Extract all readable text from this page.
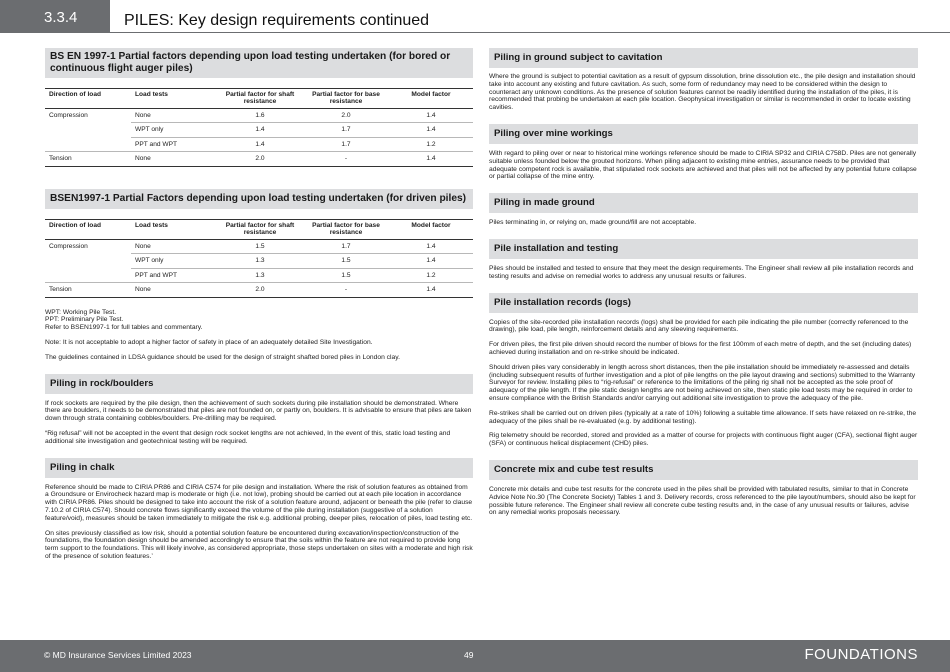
3.3.4	PILES: Key design requirements continued
BS EN 1997-1 Partial factors depending upon load testing undertaken (for bored or continuous flight auger piles)
Direction of load	Load tests	Partial factor for shaft resistance	Partial factor for base resistance	Model factor
Compression	None	1.6	2.0	1.4
	WPT only	1.4	1.7	1.4
	PPT and WPT	1.4	1.7	1.2
Tension	None	2.0	-	1.4
BSEN1997-1 Partial Factors depending upon load testing undertaken (for driven piles)
Direction of load	Load tests	Partial factor for shaft resistance	Partial factor for base resistance	Model factor
Compression	None	1.5	1.7	1.4
	WPT only	1.3	1.5	1.4
	PPT and WPT	1.3	1.5	1.2
Tension	None	2.0	-	1.4

WPT: Working Pile Test.

PPT: Preliminary Pile Test.

Refer to BSEN1997-1 for full tables and commentary.

Note: It is not acceptable to adopt a higher factor of safety in place of an adequately detailed Site Investigation.

The guidelines contained in LDSA guidance should be used for the design of straight shafted bored piles in London clay.

Piling in rock/boulders

If rock sockets are required by the pile design, then the achievement of such sockets during pile installation should be demonstrated. Where there are boulders, it needs to be demonstrated that piles are not founded on, or partly on, boulders. It is advisable to ensure that piles are taken down through strata containing cobbles/boulders. Pre-drilling may be required.

“Rig refusal” will not be accepted in the event that design rock socket lengths are not achieved, In the event of this, static load testing and additional site investigation and geotechnical testing will be required.

Piling in chalk

Reference should be made to CIRIA PR86 and CIRIA C574 for pile design and installation. Where the risk of solution features as obtained from a Groundsure or Envirocheck hazard map is moderate or high (i.e. not low), probing should be carried out at each pile location in accordance with CIRIA PR86. Piles should be designed to take into account the risk of a solution feature around, adjacent or beneath the pile (refer to clause 7.10.2 of CIRIA C574). Should concrete flows significantly exceed the volume of the pile during installation (suggestive of a solution feature/void), measures should be taken immediately to mitigate the risk e.g. additional probing, deeper piles, relocation of piles, load testing etc.

On sites previously classified as low risk, should a potential solution feature be encountered during excavation/inspection/construction of the foundations, the foundation design should be amended accordingly to ensure that the soils within the feature are not required to provide long term support to the foundations. This will likely involve, as considered appropriate, those steps undertaken on sites with a moderate and high risk of the presence of solution features.’

Piling in ground subject to cavitation

Where the ground is subject to potential cavitation as a result of gypsum dissolution, brine dissolution etc., the pile design and installation should take into account any existing and future cavitation. As such, some form of redundancy may need to be considered within the design to counteract any unknown conditions. As the presence of solution features cannot be readily identified during the installation of the piles, it is recommended that probing be undertaken at each pile location. Geophysical investigation or similar is recommended in order to locate existing cavities.

Piling over mine workings

With regard to piling over or near to historical mine workings reference should be made to CIRIA SP32 and CIRIA C758D. Piles are not generally suitable unless founded below the grouted horizons. When piling adjacent to existing mine entries, assurance needs to be provided that adequate competent rock is available, that stipulated rock sockets are achieved and that piles will not be affected by any potential future collapse or partial collapse of the mine entry.

Piling in made ground

Piles terminating in, or relying on, made ground/fill are not acceptable.

Pile installation and testing

Piles should be installed and tested to ensure that they meet the design requirements. The Engineer shall review all pile installation records and testing results and advise on remedial works to address any unusual results or failures.

Pile installation records (logs)

Copies of the site-recorded pile installation records (logs) shall be provided for each pile indicating the pile number (correctly referenced to the drawing), pile load, pile length, reinforcement details and any sleeving requirements.

For driven piles, the first pile driven should record the number of blows for the first 100mm of each metre of depth, and the set (including dates) achieved during installation and on re-strike should be indicated.

Should driven piles vary considerably in length across short distances, then the pile installation should be immediately re-assessed and details (including subsequent results of further investigation and a plot of pile lengths on the pile layout drawing and sections) submitted to the Warranty Surveyor for review. Installing piles to “rig-refusal” or reference to the limitations of the piling rig shall not be accepted as the sole proof of adequacy of the pile length. If the pile static design lengths are not being achieved on site, then static pile load tests may be required in order to ensure compliance with the British Standards and/or carrying out additional site investigation to prove the adequacy of the pile.

Re-strikes shall be carried out on driven piles (typically at a rate of 10%) following a suitable time allowance. If sets have relaxed on re-strike, the adequacy of the piles shall be re-evaluated (e.g. by additional testing).

Rig telemetry should be recorded, stored and provided as a matter of course for projects with continuous flight auger (CFA), sectional flight auger (SFA) or continuous helical displacement (CHD) piles.

Concrete mix and cube test results

Concrete mix details and cube test results for the concrete used in the piles shall be provided with tabulated results, similar to that in Concrete Advice Note No.30 (The Concrete Society) Tables 1 and 3. Delivery records, cross referenced to the pile layout/numbers, should also be kept for possible future reference. The Engineer shall review all concrete cube testing results and, in the case of any unusual results or failures, advise on any remedial works proposals necessary.

© MD Insurance Services Limited 2023	49	FOUNDATIONS
